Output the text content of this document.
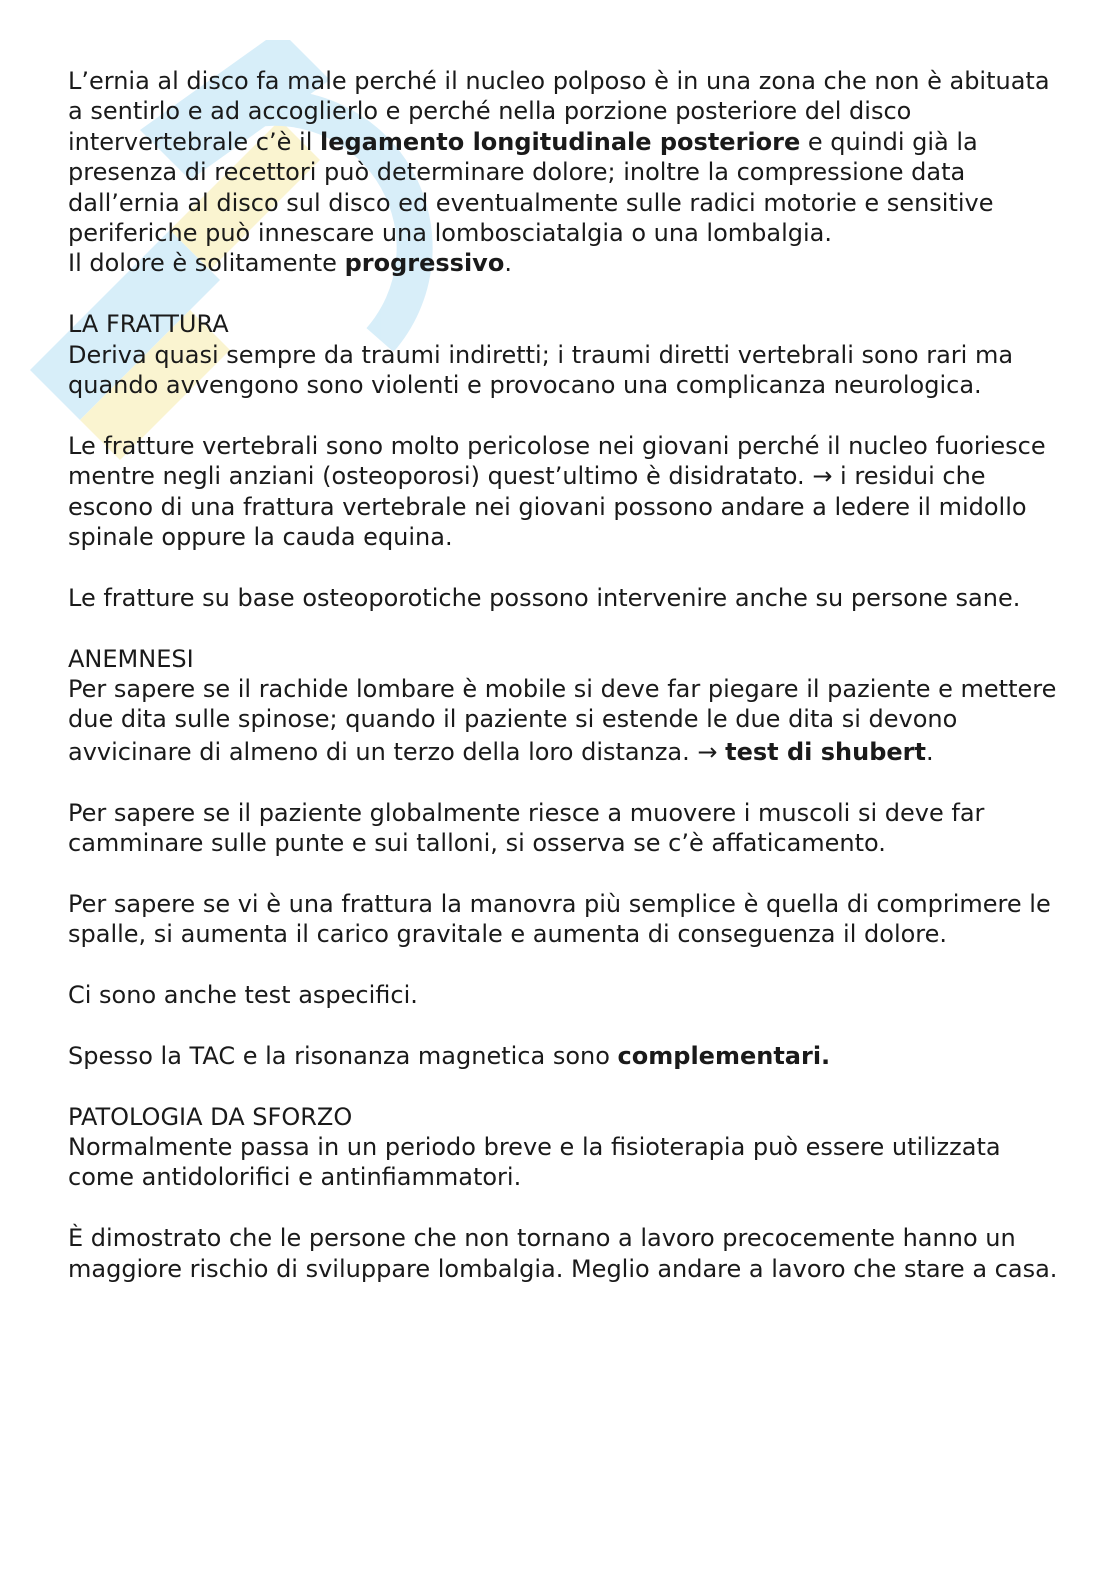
L’ernia al disco fa male perché il nucleo polposo è in una zona che non è abituata a sentirlo e ad accoglierlo e perché nella porzione posteriore del disco intervertebrale c’è il legamento longitudinale posteriore e quindi già la presenza di recettori può determinare dolore; inoltre la compressione data dall’ernia al disco sul disco ed eventualmente sulle radici motorie e sensitive periferiche può innescare una lombosciatalgia o una lombalgia.

Il dolore è solitamente progressivo.

LA FRATTURA

Deriva quasi sempre da traumi indiretti; i traumi diretti vertebrali sono rari ma quando avvengono sono violenti e provocano una complicanza neurologica.

Le fratture vertebrali sono molto pericolose nei giovani perché il nucleo fuoriesce mentre negli anziani (osteoporosi) quest’ultimo è disidratato. → i residui che escono di una frattura vertebrale nei giovani possono andare a ledere il midollo spinale oppure la cauda equina.

Le fratture su base osteoporotiche possono intervenire anche su persone sane.

ANEMNESI

Per sapere se il rachide lombare è mobile si deve far piegare il paziente e mettere due dita sulle spinose; quando il paziente si estende le due dita si devono avvicinare di almeno di un terzo della loro distanza. → test di shubert.

Per sapere se il paziente globalmente riesce a muovere i muscoli si deve far camminare sulle punte e sui talloni, si osserva se c’è affaticamento.

Per sapere se vi è una frattura la manovra più semplice è quella di comprimere le spalle, si aumenta il carico gravitale e aumenta di conseguenza il dolore.

Ci sono anche test aspecifici.

Spesso la TAC e la risonanza magnetica sono complementari.

PATOLOGIA DA SFORZO

Normalmente passa in un periodo breve e la fisioterapia può essere utilizzata come antidolorifici e antinfiammatori.

È dimostrato che le persone che non tornano a lavoro precocemente hanno un maggiore rischio di sviluppare lombalgia. Meglio andare a lavoro che stare a casa.
